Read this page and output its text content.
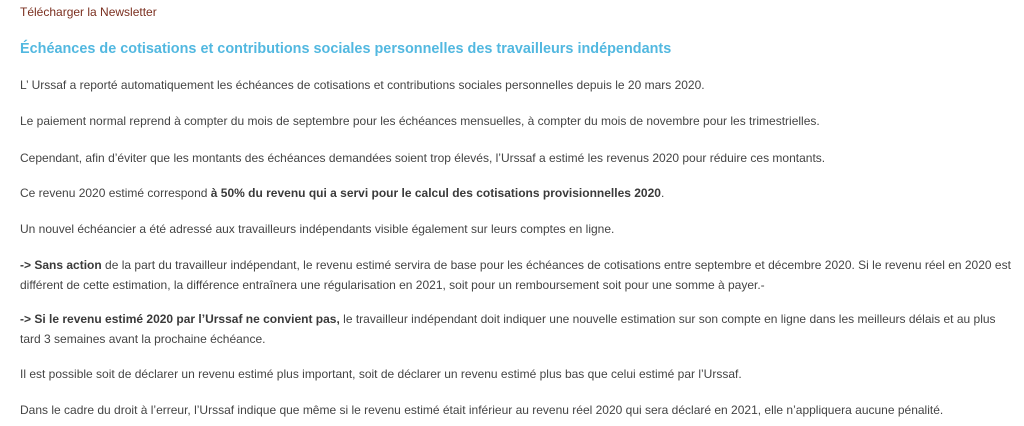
Télécharger la Newsletter
Échéances de cotisations et contributions sociales personnelles des travailleurs indépendants

L’ Urssaf a reporté automatiquement les échéances de cotisations et contributions sociales personnelles depuis le 20 mars 2020.

Le paiement normal reprend à compter du mois de septembre pour les échéances mensuelles, à compter du mois de novembre pour les trimestrielles.

Cependant, afin d’éviter que les montants des échéances demandées soient trop élevés, l’Urssaf a estimé les revenus 2020 pour réduire ces montants.

Ce revenu 2020 estimé correspond à 50% du revenu qui a servi pour le calcul des cotisations provisionnelles 2020.

Un nouvel échéancier a été adressé aux travailleurs indépendants visible également sur leurs comptes en ligne.

-> Sans action de la part du travailleur indépendant, le revenu estimé servira de base pour les échéances de cotisations entre septembre et décembre 2020. Si le revenu réel en 2020 est différent de cette estimation, la différence entraînera une régularisation en 2021, soit pour un remboursement soit pour une somme à payer.-

-> Si le revenu estimé 2020 par l’Urssaf ne convient pas, le travailleur indépendant doit indiquer une nouvelle estimation sur son compte en ligne dans les meilleurs délais et au plus tard 3 semaines avant la prochaine échéance.

Il est possible soit de déclarer un revenu estimé plus important, soit de déclarer un revenu estimé plus bas que celui estimé par l’Urssaf.

Dans le cadre du droit à l’erreur, l’Urssaf indique que même si le revenu estimé était inférieur au revenu réel 2020 qui sera déclaré en 2021, elle n’appliquera aucune pénalité.
